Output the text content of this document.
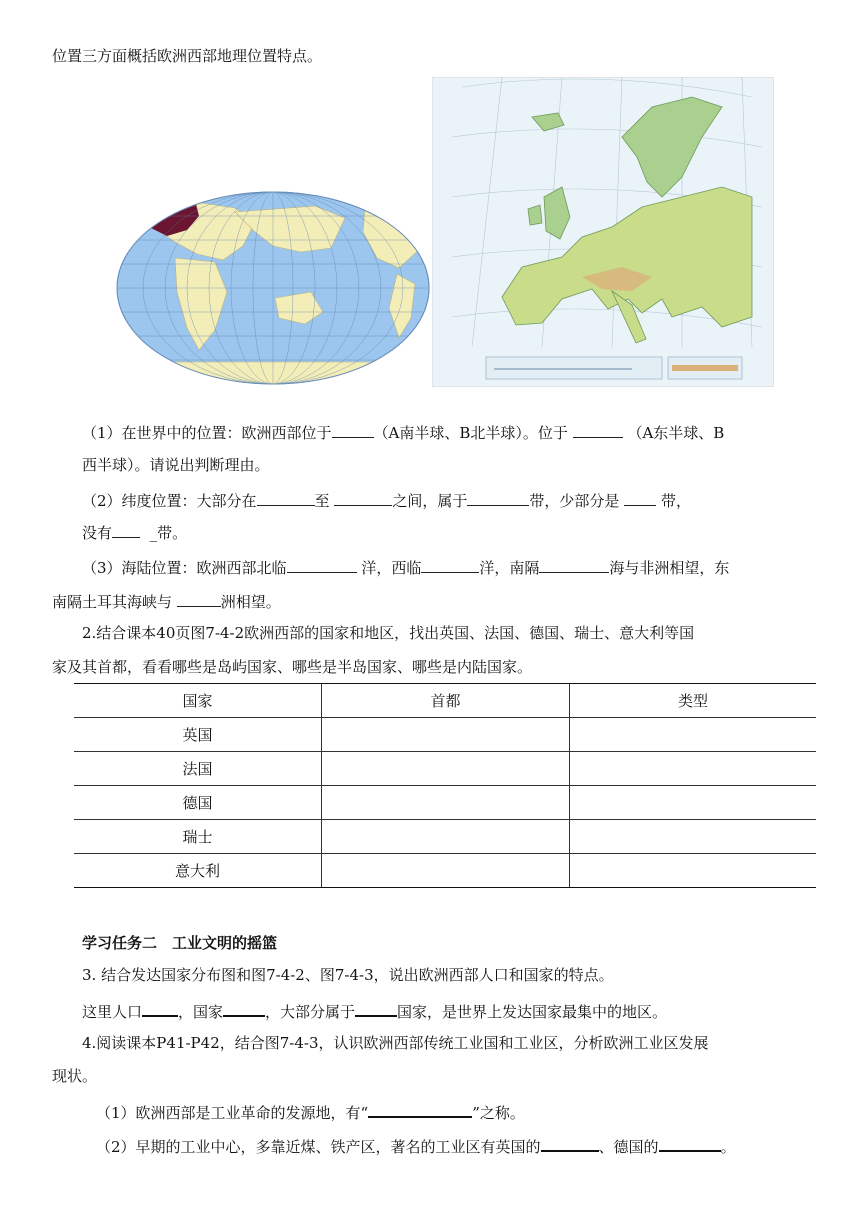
位置三方面概括欧洲西部地理位置特点。
（1）在世界中的位置：欧洲西部位于	（A南半球、B北半球）。位于	（A东半球、B
西半球）。请说出判断理由。
（2）纬度位置：大部分在	至	之间，属于	带，少部分是	带，
没有	_带。
（3）海陆位置：欧洲西部北临	洋，西临	洋，南隔	海与非洲相望，东
南隔土耳其海峡与	洲相望。
2.结合课本40页图7-4-2欧洲西部的国家和地区，找出英国、法国、德国、瑞士、意大利等国
家及其首都，看看哪些是岛屿国家、哪些是半岛国家、哪些是内陆国家。
国家	首都	类型
英国		
法国		
德国		
瑞士		
意大利		
学习任务二　工业文明的摇篮
3. 结合发达国家分布图和图7-4-2、图7-4-3，说出欧洲西部人口和国家的特点。
这里人口 ，国家	，大部分属于	国家，是世界上发达国家最集中的地区。
4.阅读课本P41-P42，结合图7-4-3，认识欧洲西部传统工业国和工业区，分析欧洲工业区发展
现状。
（1）欧洲西部是工业革命的发源地，有“	”之称。
（2）早期的工业中心，多靠近煤、铁产区，著名的工业区有英国的	、德国的	。
